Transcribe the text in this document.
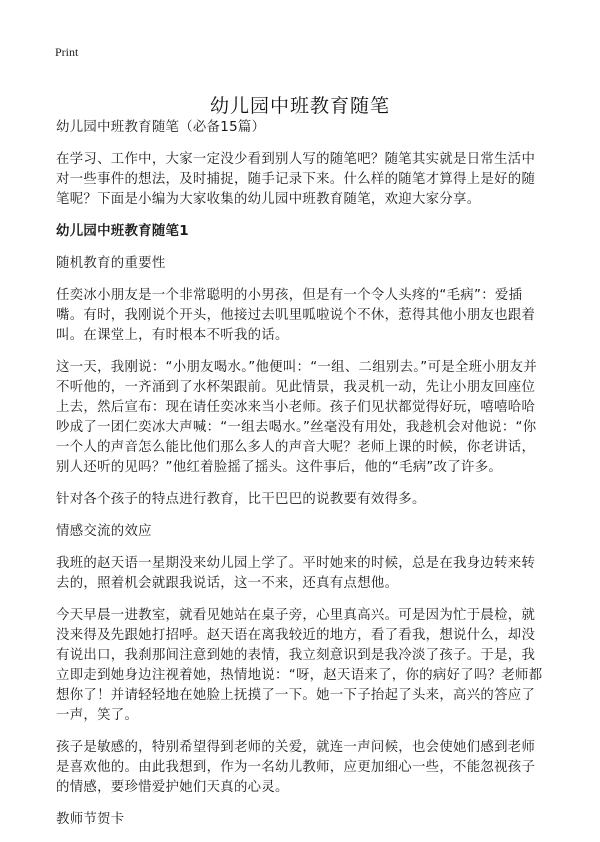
Print
幼儿园中班教育随笔

幼儿园中班教育随笔（必备15篇）

在学习、工作中，大家一定没少看到别人写的随笔吧？随笔其实就是日常生活中对一些事件的想法，及时捕捉，随手记录下来。什么样的随笔才算得上是好的随笔呢？下面是小编为大家收集的幼儿园中班教育随笔，欢迎大家分享。

幼儿园中班教育随笔1

随机教育的重要性

任奕冰小朋友是一个非常聪明的小男孩，但是有一个令人头疼的“毛病”：爱插嘴。有时，我刚说个开头，他接过去叽里呱啦说个不休，惹得其他小朋友也跟着叫。在课堂上，有时根本不听我的话。

这一天，我刚说：“小朋友喝水。”他便叫：“一组、二组别去。”可是全班小朋友并不听他的，一齐涌到了水杯架跟前。见此情景，我灵机一动，先让小朋友回座位上去，然后宣布：现在请任奕冰来当小老师。孩子们见状都觉得好玩，嘻嘻哈哈吵成了一团仁奕冰大声喊：“一组去喝水。”丝毫没有用处，我趁机会对他说：“你一个人的声音怎么能比他们那么多人的声音大呢？老师上课的时候，你老讲话，别人还听的见吗？”他红着脸摇了摇头。这件事后，他的“毛病”改了许多。

针对各个孩子的特点进行教育，比干巴巴的说教要有效得多。

情感交流的效应

我班的赵天语一星期没来幼儿园上学了。平时她来的时候，总是在我身边转来转去的，照着机会就跟我说话，这一不来，还真有点想他。

今天早晨一进教室，就看见她站在桌子旁，心里真高兴。可是因为忙于晨检，就没来得及先跟她打招呼。赵天语在离我较近的地方，看了看我，想说什么，却没有说出口，我刹那间注意到她的表情，我立刻意识到是我冷淡了孩子。于是，我立即走到她身边注视着她，热情地说：“呀，赵天语来了，你的病好了吗？老师都想你了！并请轻轻地在她脸上抚摸了一下。她一下子抬起了头来，高兴的答应了一声，笑了。

孩子是敏感的，特别希望得到老师的关爱，就连一声问候，也会使她们感到老师是喜欢他的。由此我想到，作为一名幼儿教师，应更加细心一些，不能忽视孩子的情感，要珍惜爱护她们天真的心灵。

教师节贺卡
